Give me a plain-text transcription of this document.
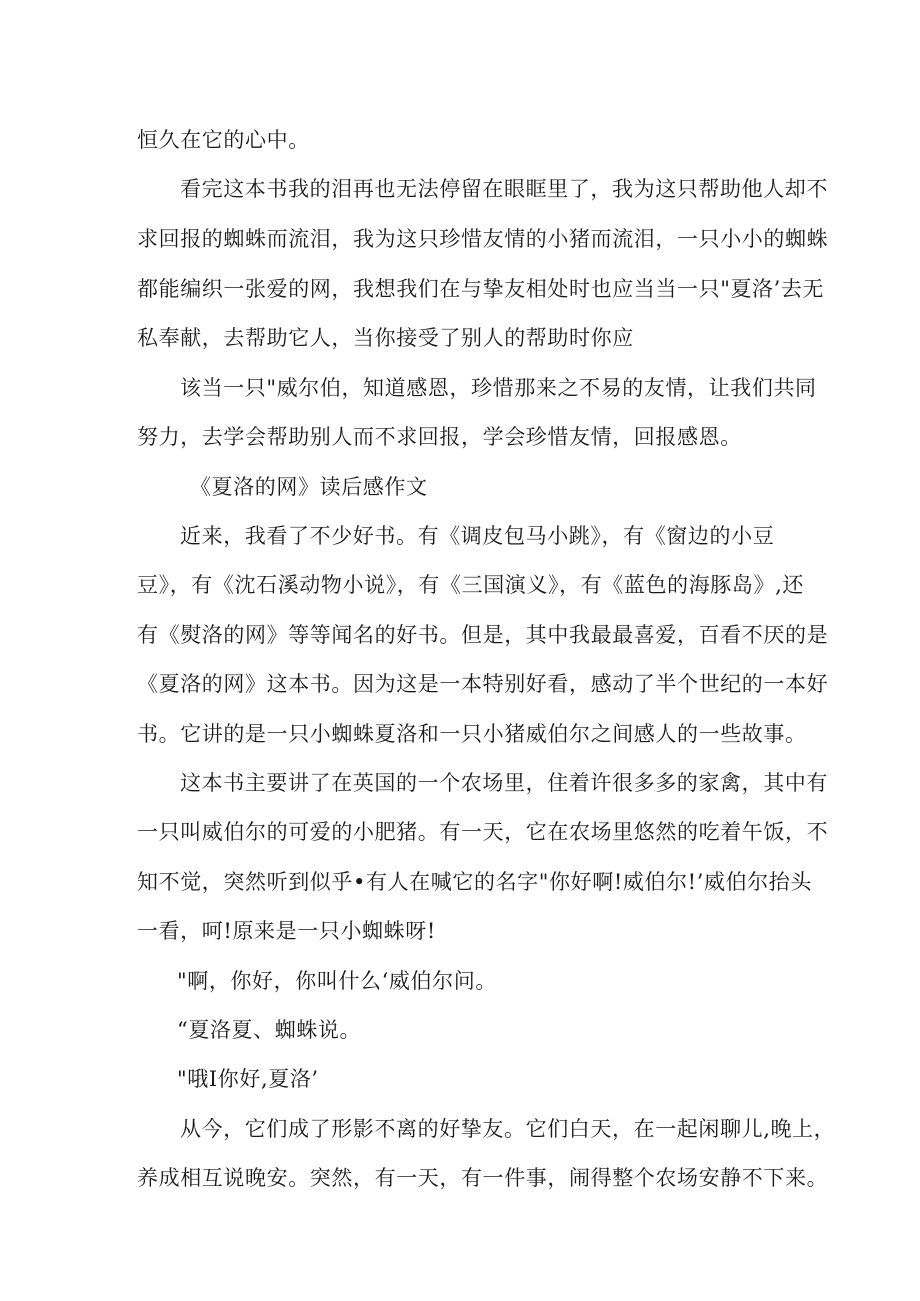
恒久在它的心中。
看完这本书我的泪再也无法停留在眼眶里了，我为这只帮助他人却不
求回报的蜘蛛而流泪，我为这只珍惜友情的小猪而流泪，一只小小的蜘蛛
都能编织一张爱的网，我想我们在与挚友相处时也应当当一只"夏洛’去无
私奉献，去帮助它人，当你接受了别人的帮助时你应
该当一只"威尔伯，知道感恩，珍惜那来之不易的友情，让我们共同
努力，去学会帮助别人而不求回报，学会珍惜友情，回报感恩。
《夏洛的网》读后感作文
近来，我看了不少好书。有《调皮包马小跳》，有《窗边的小豆
豆》，有《沈石溪动物小说》，有《三国演义》，有《蓝色的海豚岛》,还
有《熨洛的网》等等闻名的好书。但是，其中我最最喜爱，百看不厌的是
《夏洛的网》这本书。因为这是一本特别好看，感动了半个世纪的一本好
书。它讲的是一只小蜘蛛夏洛和一只小猪威伯尔之间感人的一些故事。
这本书主要讲了在英国的一个农场里，住着许很多多的家禽，其中有
一只叫威伯尔的可爱的小肥猪。有一天，它在农场里悠然的吃着午饭，不
知不觉，突然听到似乎•有人在喊它的名字"你好啊!威伯尔!’威伯尔抬头
一看，呵!原来是一只小蜘蛛呀!
"啊，你好，你叫什么‘威伯尔问。
“夏洛夏、蜘蛛说。
"哦I你好,夏洛’
从今，它们成了形影不离的好挚友。它们白天，在一起闲聊儿,晚上，
养成相互说晚安。突然，有一天，有一件事，闹得整个农场安静不下来。
